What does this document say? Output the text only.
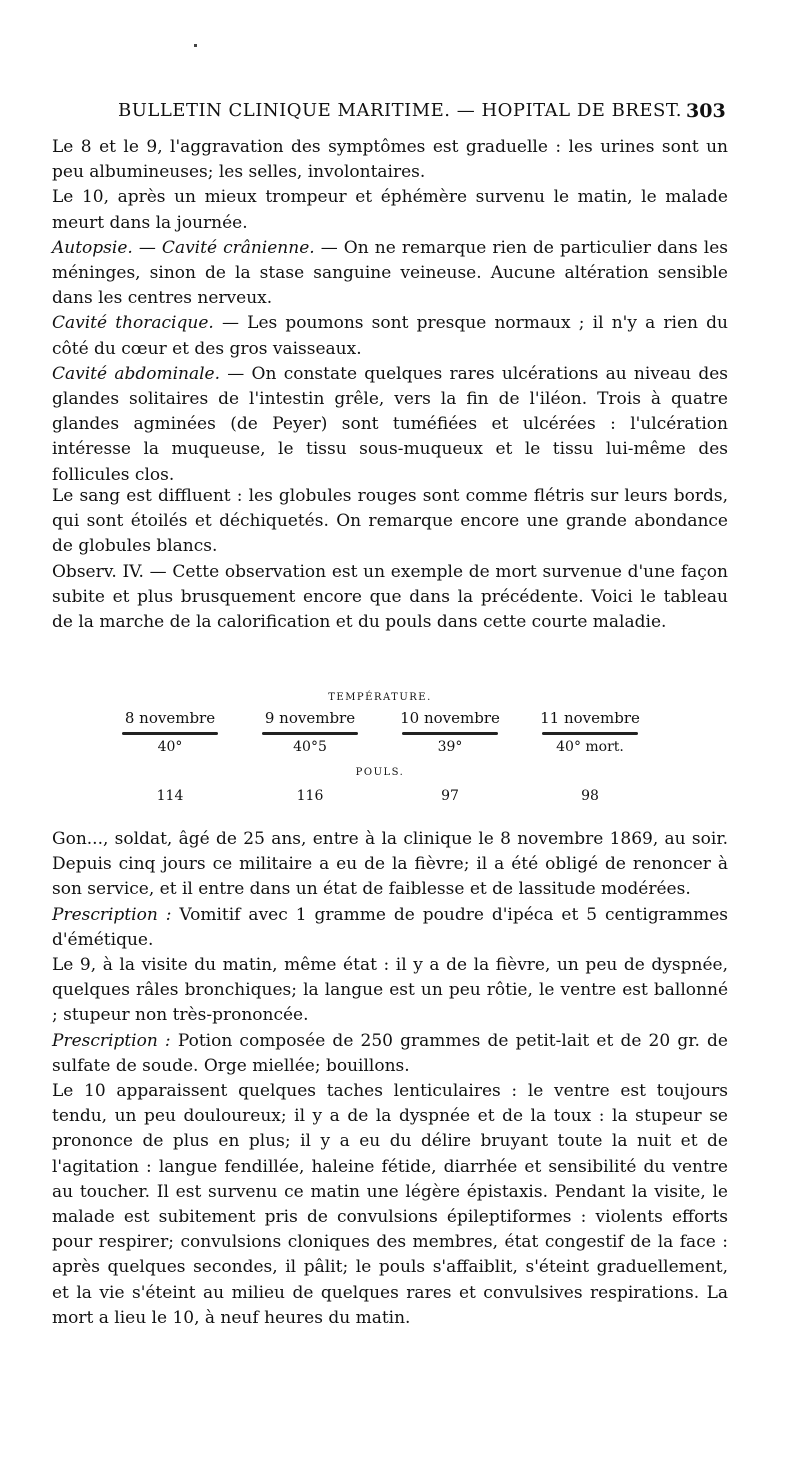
BULLETIN CLINIQUE MARITIME. — HOPITAL DE BREST. 303

Le 8 et le 9, l'aggravation des symptômes est graduelle : les urines sont un peu albumineuses; les selles, involontaires.

Le 10, après un mieux trompeur et éphémère survenu le matin, le malade meurt dans la journée.

Autopsie. — Cavité crânienne. — On ne remarque rien de particulier dans les méninges, sinon de la stase sanguine veineuse. Aucune altération sensible dans les centres nerveux.

Cavité thoracique. — Les poumons sont presque normaux ; il n'y a rien du côté du cœur et des gros vaisseaux.

Cavité abdominale. — On constate quelques rares ulcérations au niveau des glandes solitaires de l'intestin grêle, vers la fin de l'iléon. Trois à quatre glandes agminées (de Peyer) sont tuméfiées et ulcérées : l'ulcération intéresse la muqueuse, le tissu sous-muqueux et le tissu lui-même des follicules clos.

Le sang est diffluent : les globules rouges sont comme flétris sur leurs bords, qui sont étoilés et déchiquetés. On remarque encore une grande abondance de globules blancs.

Observ. IV. — Cette observation est un exemple de mort survenue d'une façon subite et plus brusquement encore que dans la précédente. Voici le tableau de la marche de la calorification et du pouls dans cette courte maladie.

TEMPÉRATURE.
8 novembre	9 novembre	10 novembre	11 novembre
40°	40°5	39°	40° mort.
POULS.
114	116	97	98

Gon..., soldat, âgé de 25 ans, entre à la clinique le 8 novembre 1869, au soir. Depuis cinq jours ce militaire a eu de la fièvre; il a été obligé de renoncer à son service, et il entre dans un état de faiblesse et de lassitude modérées.

Prescription : Vomitif avec 1 gramme de poudre d'ipéca et 5 centigrammes d'émétique.

Le 9, à la visite du matin, même état : il y a de la fièvre, un peu de dyspnée, quelques râles bronchiques; la langue est un peu rôtie, le ventre est ballonné ; stupeur non très-prononcée.

Prescription : Potion composée de 250 grammes de petit-lait et de 20 gr. de sulfate de soude. Orge miellée; bouillons.

Le 10 apparaissent quelques taches lenticulaires : le ventre est toujours tendu, un peu douloureux; il y a de la dyspnée et de la toux : la stupeur se prononce de plus en plus; il y a eu du délire bruyant toute la nuit et de l'agitation : langue fendillée, haleine fétide, diarrhée et sensibilité du ventre au toucher. Il est survenu ce matin une légère épistaxis. Pendant la visite, le malade est subitement pris de convulsions épileptiformes : violents efforts pour respirer; convulsions cloniques des membres, état congestif de la face : après quelques secondes, il pâlit; le pouls s'affaiblit, s'éteint graduellement, et la vie s'éteint au milieu de quelques rares et convulsives respirations. La mort a lieu le 10, à neuf heures du matin.
